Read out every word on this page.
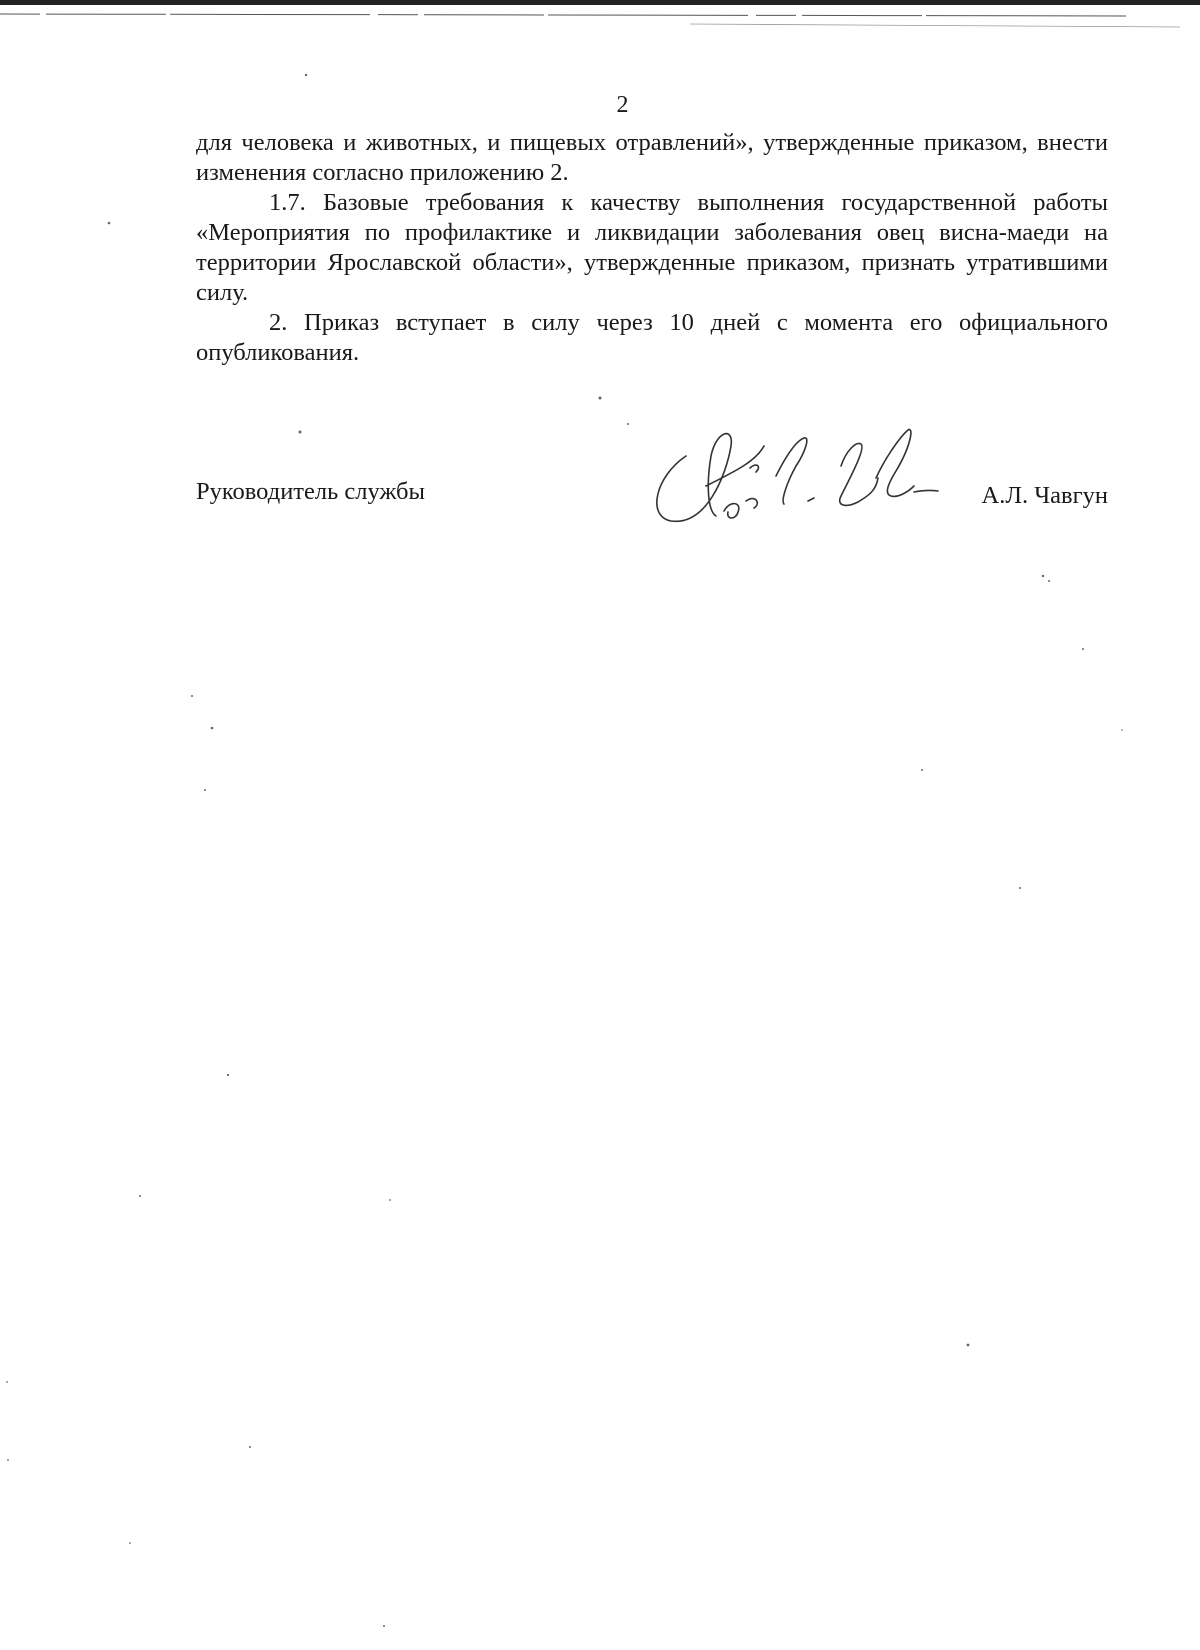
2

для человека и животных, и пищевых отравлений», утвержденные приказом, внести изменения согласно приложению 2.

1.7. Базовые требования к качеству выполнения государственной работы «Мероприятия по профилактике и ликвидации заболевания овец висна-маеди на территории Ярославской области», утвержденные приказом, признать утратившими силу.

2. Приказ вступает в силу через 10 дней с момента его официального опубликования.

Руководитель службы	А.Л. Чавгун
